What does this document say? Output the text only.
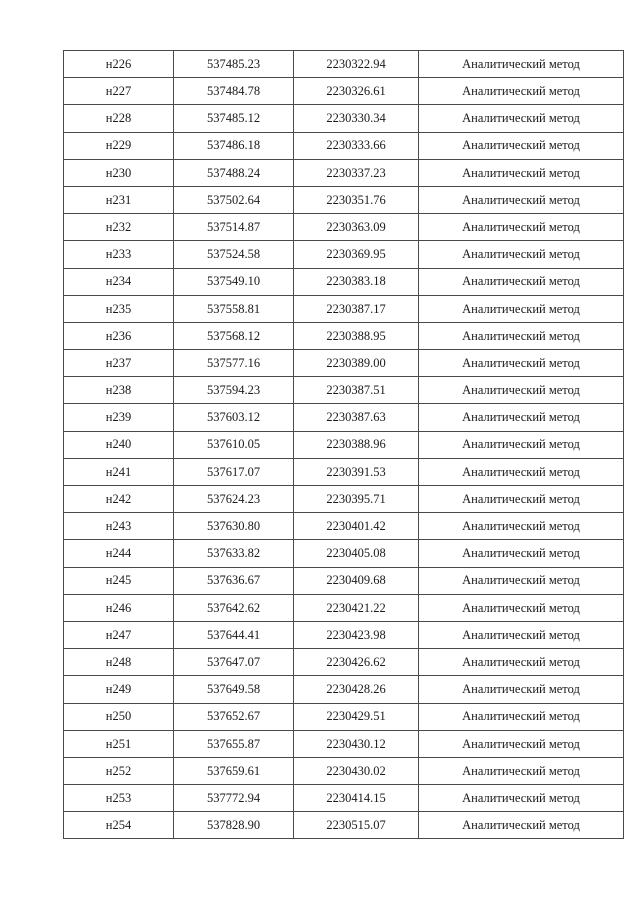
н226	537485.23	2230322.94	Аналитический метод
н227	537484.78	2230326.61	Аналитический метод
н228	537485.12	2230330.34	Аналитический метод
н229	537486.18	2230333.66	Аналитический метод
н230	537488.24	2230337.23	Аналитический метод
н231	537502.64	2230351.76	Аналитический метод
н232	537514.87	2230363.09	Аналитический метод
н233	537524.58	2230369.95	Аналитический метод
н234	537549.10	2230383.18	Аналитический метод
н235	537558.81	2230387.17	Аналитический метод
н236	537568.12	2230388.95	Аналитический метод
н237	537577.16	2230389.00	Аналитический метод
н238	537594.23	2230387.51	Аналитический метод
н239	537603.12	2230387.63	Аналитический метод
н240	537610.05	2230388.96	Аналитический метод
н241	537617.07	2230391.53	Аналитический метод
н242	537624.23	2230395.71	Аналитический метод
н243	537630.80	2230401.42	Аналитический метод
н244	537633.82	2230405.08	Аналитический метод
н245	537636.67	2230409.68	Аналитический метод
н246	537642.62	2230421.22	Аналитический метод
н247	537644.41	2230423.98	Аналитический метод
н248	537647.07	2230426.62	Аналитический метод
н249	537649.58	2230428.26	Аналитический метод
н250	537652.67	2230429.51	Аналитический метод
н251	537655.87	2230430.12	Аналитический метод
н252	537659.61	2230430.02	Аналитический метод
н253	537772.94	2230414.15	Аналитический метод
н254	537828.90	2230515.07	Аналитический метод
